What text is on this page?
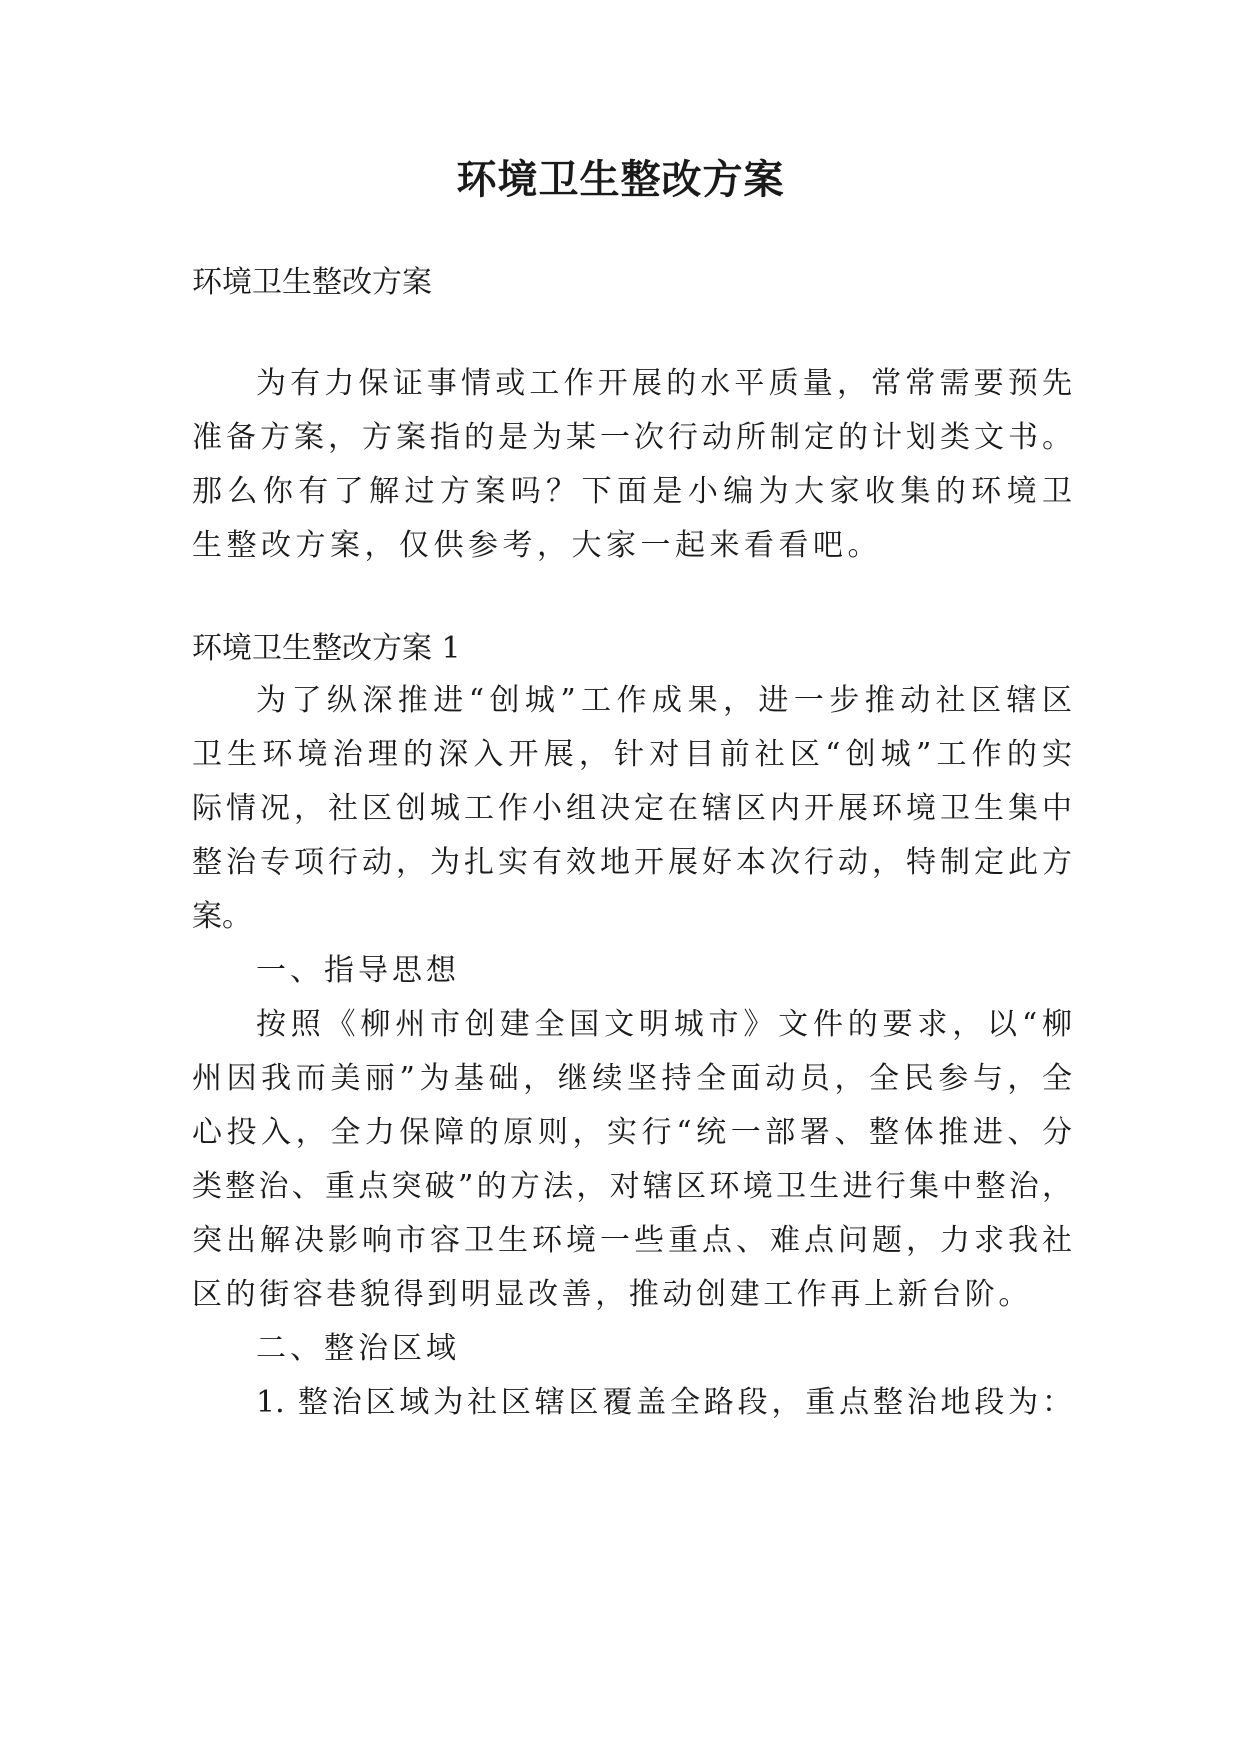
环境卫生整改方案

环境卫生整改方案

为有力保证事情或工作开展的水平质量，常常需要预先

准备方案，方案指的是为某一次行动所制定的计划类文书。

那么你有了解过方案吗？下面是小编为大家收集的环境卫

生整改方案，仅供参考，大家一起来看看吧。

环境卫生整改方案 1

为了纵深推进“创城”工作成果，进一步推动社区辖区

卫生环境治理的深入开展，针对目前社区“创城”工作的实

际情况，社区创城工作小组决定在辖区内开展环境卫生集中

整治专项行动，为扎实有效地开展好本次行动，特制定此方

案。

一、指导思想

按照《柳州市创建全国文明城市》文件的要求，以“柳

州因我而美丽”为基础，继续坚持全面动员，全民参与，全

心投入，全力保障的原则，实行“统一部署、整体推进、分

类整治、重点突破”的方法，对辖区环境卫生进行集中整治，

突出解决影响市容卫生环境一些重点、难点问题，力求我社

区的街容巷貌得到明显改善，推动创建工作再上新台阶。

二、整治区域

1. 整治区域为社区辖区覆盖全路段，重点整治地段为：
